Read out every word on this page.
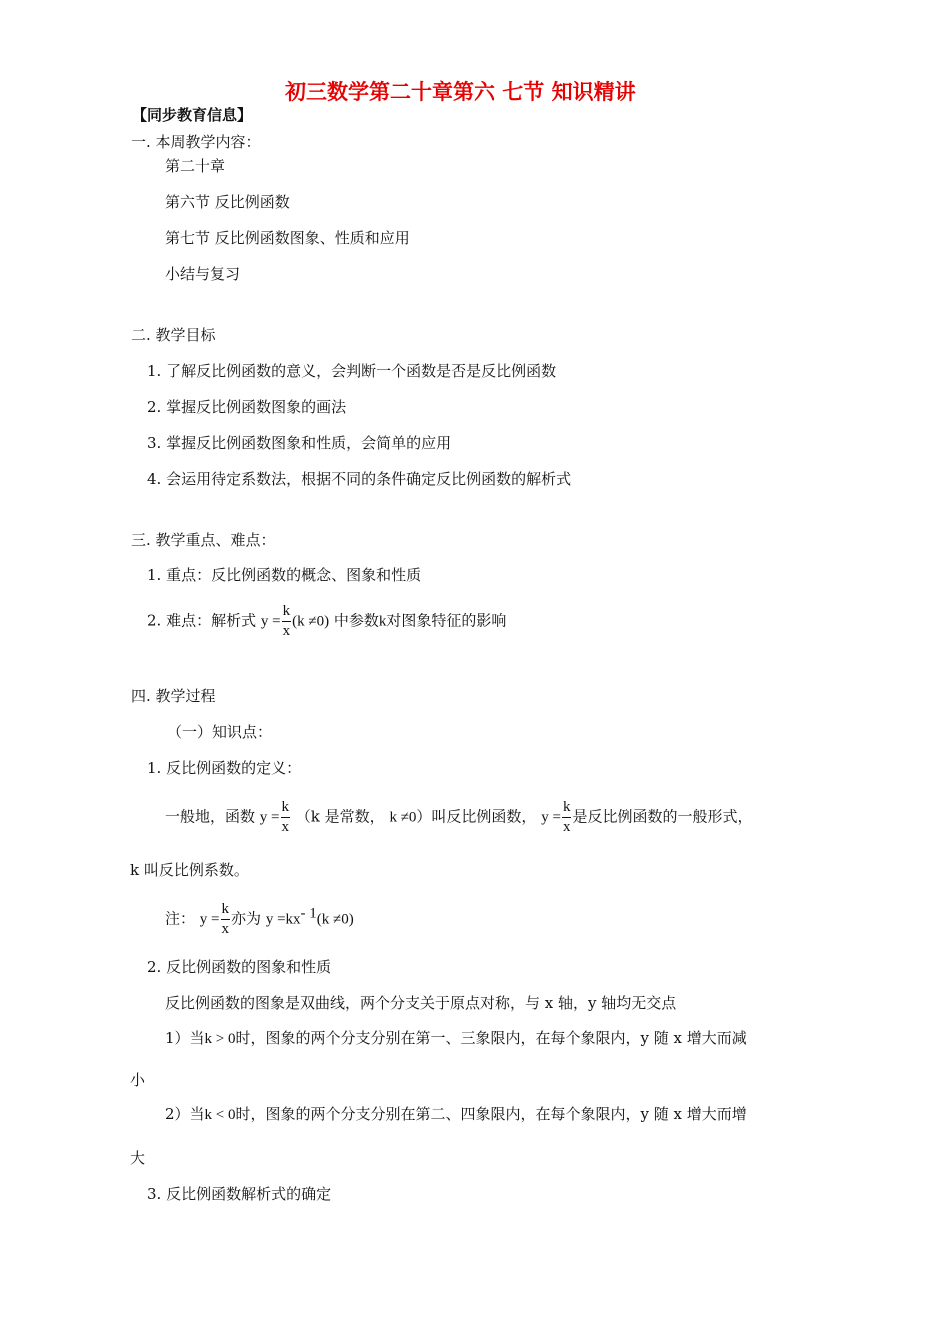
初三数学第二十章第六 七节 知识精讲
【同步教育信息】
一. 本周教学内容：
第二十章
第六节 反比例函数
第七节 反比例函数图象、性质和应用
小结与复习
二. 教学目标
1. 了解反比例函数的意义，会判断一个函数是否是反比例函数
2. 掌握反比例函数图象的画法
3. 掌握反比例函数图象和性质，会简单的应用
4. 会运用待定系数法，根据不同的条件确定反比例函数的解析式
三. 教学重点、难点：
1. 重点：反比例函数的概念、图象和性质
2. 难点：解析式 $y = \frac{k}{x} (k \ne 0)$ 中参数k对图象特征的影响
四. 教学过程
（一）知识点：
1. 反比例函数的定义：
一般地，函数 $y = \frac{k}{x} (k$ 是常数， k ≠0）叫反比例函数， $y = \frac{k}{x}$ 是反比例函数的一般形式，
k 叫反比例系数。
注： $y = \frac{k}{x}$ 亦为 $y =kx^{- 1}(k \ne 0)$
2. 反比例函数的图象和性质
反比例函数的图象是双曲线，两个分支关于原点对称，与 x 轴，y 轴均无交点
1）当k > 0时，图象的两个分支分别在第一、三象限内，在每个象限内，y 随 x 增大而减
小
2）当k < 0时，图象的两个分支分别在第二、四象限内，在每个象限内，y 随 x 增大而增
大
3. 反比例函数解析式的确定
